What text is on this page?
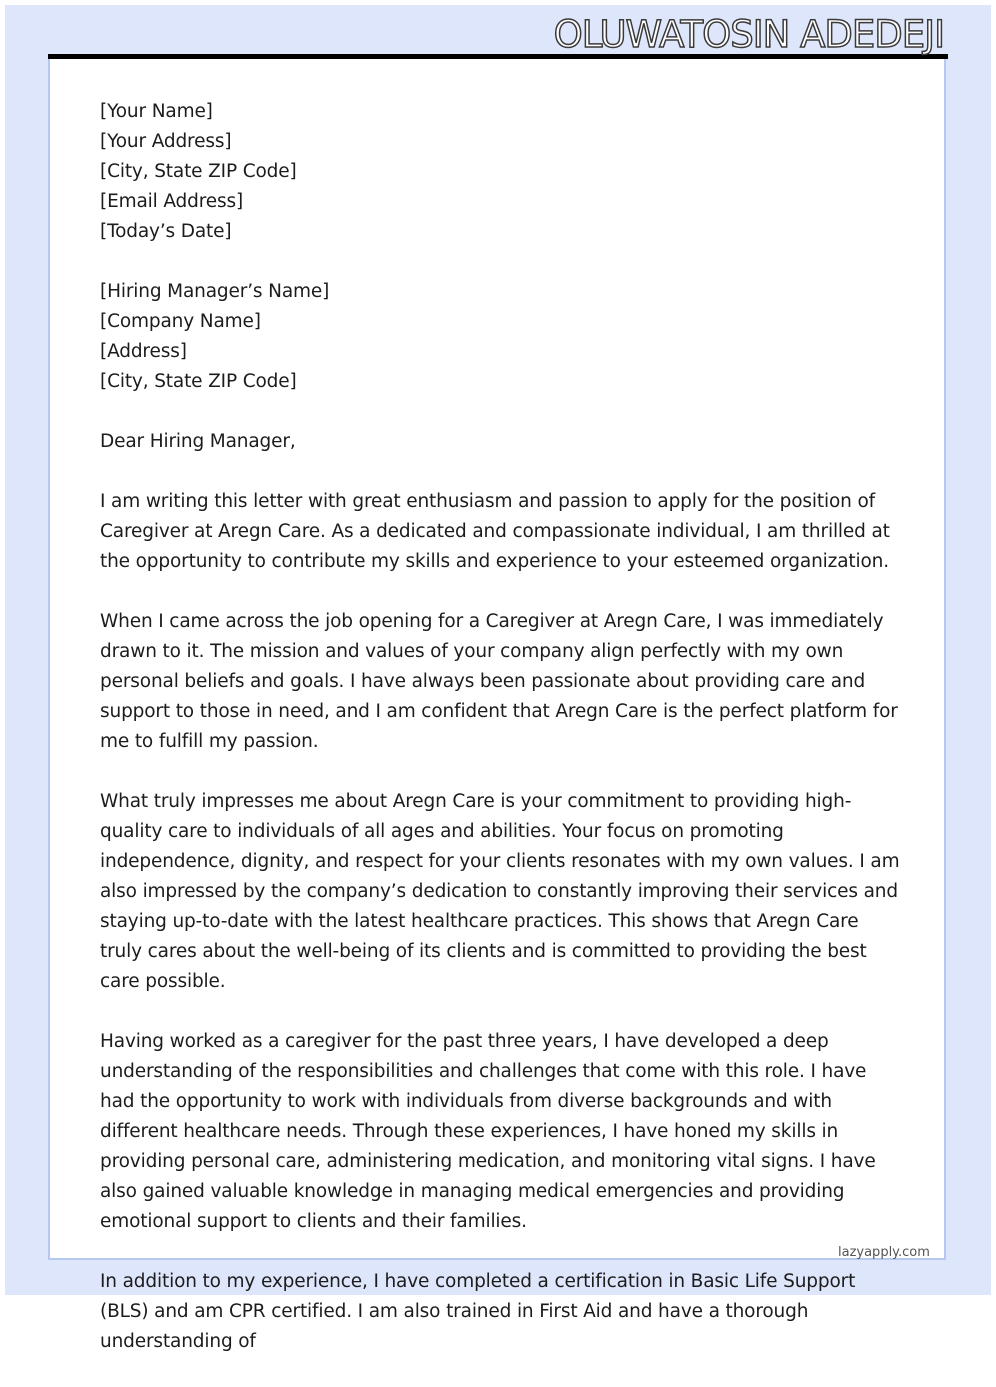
OLUWATOSIN ADEDEJI

[Your Name]
[Your Address]
[City, State ZIP Code]
[Email Address]
[Today’s Date]

[Hiring Manager’s Name]
[Company Name]
[Address]
[City, State ZIP Code]

Dear Hiring Manager,

I am writing this letter with great enthusiasm and passion to apply for the position of Caregiver at Aregn Care. As a dedicated and compassionate individual, I am thrilled at the opportunity to contribute my skills and experience to your esteemed organization.

When I came across the job opening for a Caregiver at Aregn Care, I was immediately drawn to it. The mission and values of your company align perfectly with my own personal beliefs and goals. I have always been passionate about providing care and support to those in need, and I am confident that Aregn Care is the perfect platform for me to fulfill my passion.

What truly impresses me about Aregn Care is your commitment to providing high-quality care to individuals of all ages and abilities. Your focus on promoting independence, dignity, and respect for your clients resonates with my own values. I am also impressed by the company’s dedication to constantly improving their services and staying up-to-date with the latest healthcare practices. This shows that Aregn Care truly cares about the well-being of its clients and is committed to providing the best care possible.

Having worked as a caregiver for the past three years, I have developed a deep understanding of the responsibilities and challenges that come with this role. I have had the opportunity to work with individuals from diverse backgrounds and with different healthcare needs. Through these experiences, I have honed my skills in providing personal care, administering medication, and monitoring vital signs. I have also gained valuable knowledge in managing medical emergencies and providing emotional support to clients and their families.

In addition to my experience, I have completed a certification in Basic Life Support (BLS) and am CPR certified. I am also trained in First Aid and have a thorough understanding of

lazyapply.com
